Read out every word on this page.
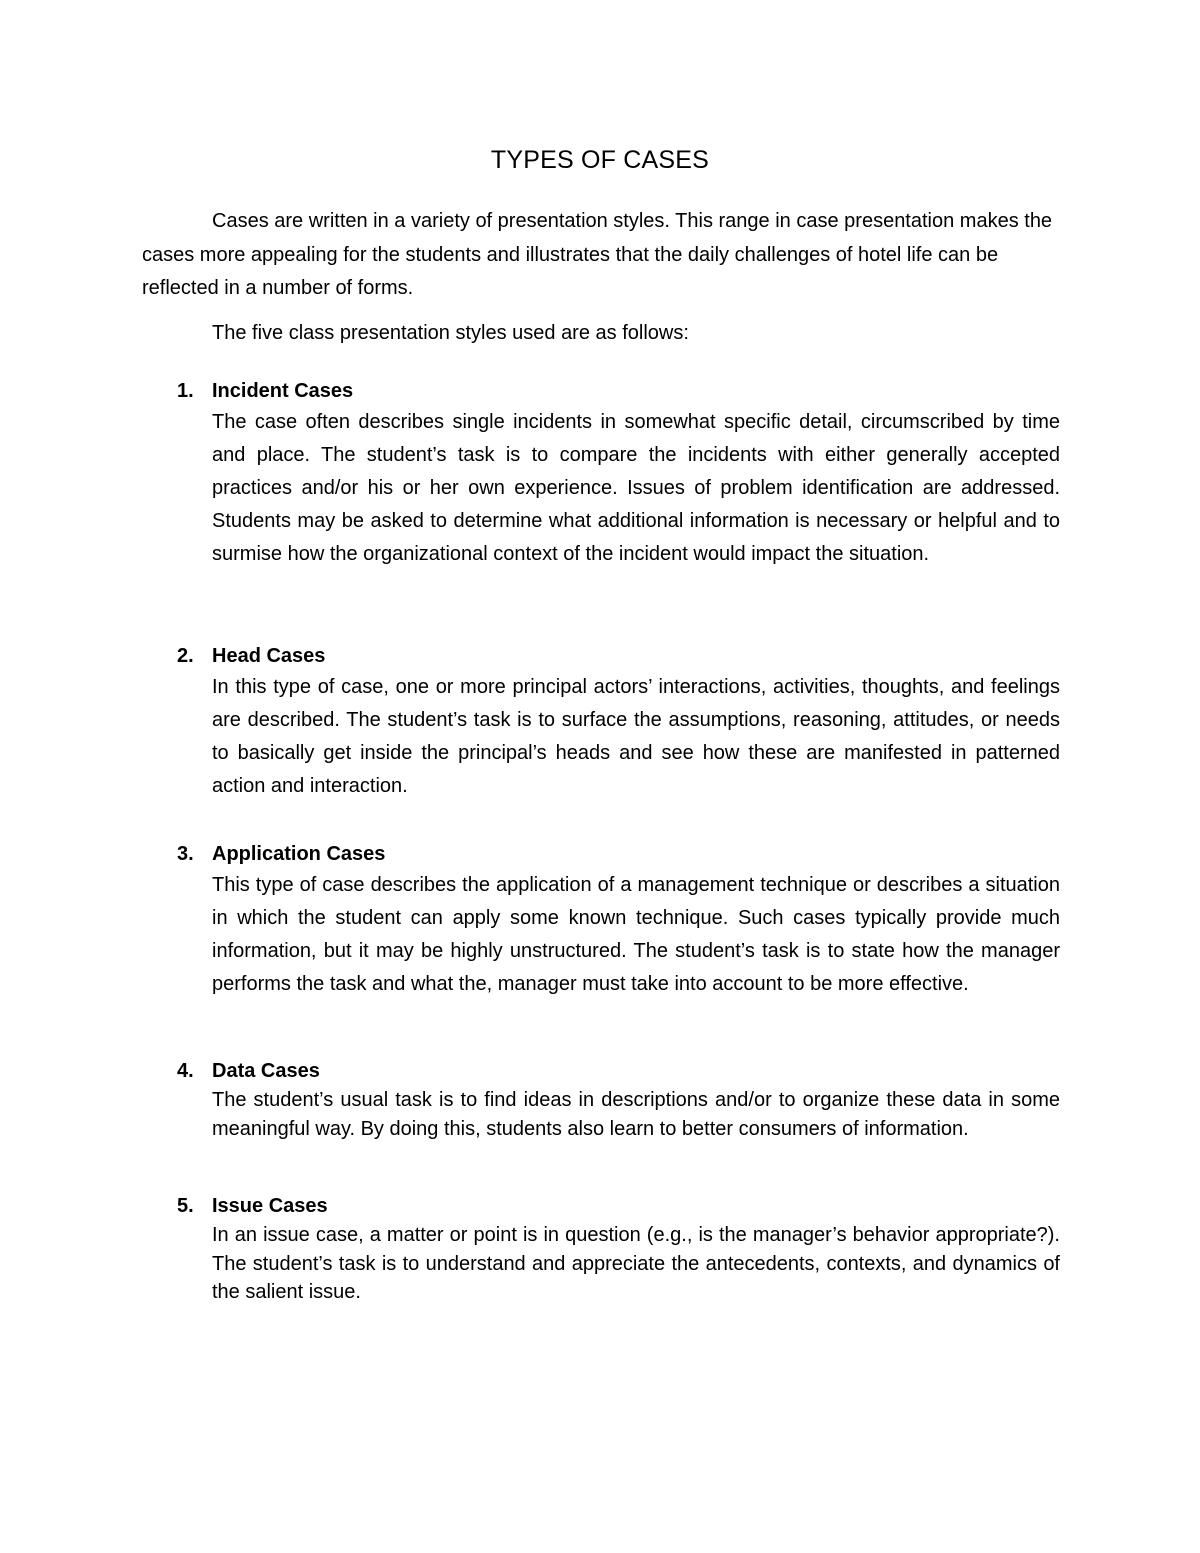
TYPES OF CASES

Cases are written in a variety of presentation styles. This range in case presentation makes the cases more appealing for the students and illustrates that the daily challenges of hotel life can be reflected in a number of forms.

The five class presentation styles used are as follows:

1. Incident Cases

The case often describes single incidents in somewhat specific detail, circumscribed by time and place. The student’s task is to compare the incidents with either generally accepted practices and/or his or her own experience. Issues of problem identification are addressed. Students may be asked to determine what additional information is necessary or helpful and to surmise how the organizational context of the incident would impact the situation.

2. Head Cases

In this type of case, one or more principal actors’ interactions, activities, thoughts, and feelings are described. The student’s task is to surface the assumptions, reasoning, attitudes, or needs to basically get inside the principal’s heads and see how these are manifested in patterned action and interaction.

3. Application Cases

This type of case describes the application of a management technique or describes a situation in which the student can apply some known technique. Such cases typically provide much information, but it may be highly unstructured. The student’s task is to state how the manager performs the task and what the, manager must take into account to be more effective.

4. Data Cases

The student’s usual task is to find ideas in descriptions and/or to organize these data in some meaningful way. By doing this, students also learn to better consumers of information.

5. Issue Cases

In an issue case, a matter or point is in question (e.g., is the manager’s behavior appropriate?). The student’s task is to understand and appreciate the antecedents, contexts, and dynamics of the salient issue.
